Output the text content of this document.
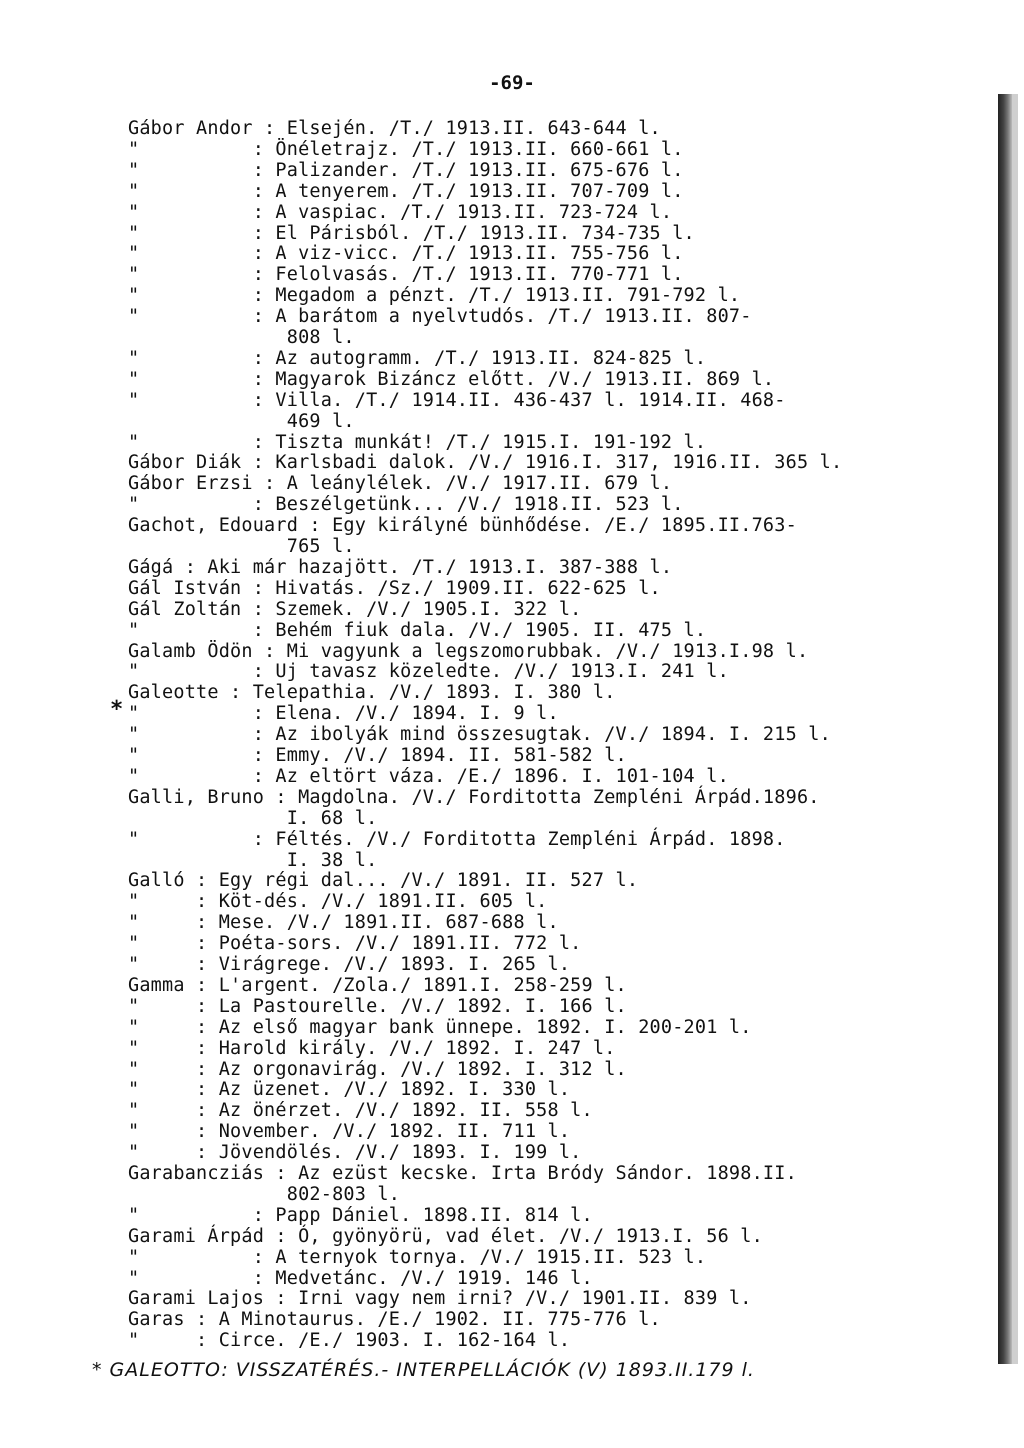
-69-
Gábor Andor : Elsején. /T./ 1913.II. 643-644 l.
"          : Önéletrajz. /T./ 1913.II. 660-661 l.
"          : Palizander. /T./ 1913.II. 675-676 l.
"          : A tenyerem. /T./ 1913.II. 707-709 l.
"          : A vaspiac. /T./ 1913.II. 723-724 l.
"          : El Párisból. /T./ 1913.II. 734-735 l.
"          : A viz-vicc. /T./ 1913.II. 755-756 l.
"          : Felolvasás. /T./ 1913.II. 770-771 l.
"          : Megadom a pénzt. /T./ 1913.II. 791-792 l.
"          : A barátom a nyelvtudós. /T./ 1913.II. 807-
808 l.
"          : Az autogramm. /T./ 1913.II. 824-825 l.
"          : Magyarok Bizáncz előtt. /V./ 1913.II. 869 l.
"          : Villa. /T./ 1914.II. 436-437 l. 1914.II. 468-
469 l.
"          : Tiszta munkát! /T./ 1915.I. 191-192 l.
Gábor Diák : Karlsbadi dalok. /V./ 1916.I. 317, 1916.II. 365 l.
Gábor Erzsi : A leánylélek. /V./ 1917.II. 679 l.
"          : Beszélgetünk... /V./ 1918.II. 523 l.
Gachot, Edouard : Egy királyné bünhődése. /E./ 1895.II.763-
765 l.
Gágá : Aki már hazajött. /T./ 1913.I. 387-388 l.
Gál István : Hivatás. /Sz./ 1909.II. 622-625 l.
Gál Zoltán : Szemek. /V./ 1905.I. 322 l.
"          : Behém fiuk dala. /V./ 1905. II. 475 l.
Galamb Ödön : Mi vagyunk a legszomorubbak. /V./ 1913.I.98 l.
"          : Uj tavasz közeledte. /V./ 1913.I. 241 l.
Galeotte : Telepathia. /V./ 1893. I. 380 l.
"          : Elena. /V./ 1894. I. 9 l.
"          : Az ibolyák mind összesugtak. /V./ 1894. I. 215 l.
"          : Emmy. /V./ 1894. II. 581-582 l.
"          : Az eltört váza. /E./ 1896. I. 101-104 l.
Galli, Bruno : Magdolna. /V./ Forditotta Zempléni Árpád.1896.
I. 68 l.
"          : Féltés. /V./ Forditotta Zempléni Árpád. 1898.
I. 38 l.
Galló : Egy régi dal... /V./ 1891. II. 527 l.
"     : Köt-dés. /V./ 1891.II. 605 l.
"     : Mese. /V./ 1891.II. 687-688 l.
"     : Poéta-sors. /V./ 1891.II. 772 l.
"     : Virágrege. /V./ 1893. I. 265 l.
Gamma : L'argent. /Zola./ 1891.I. 258-259 l.
"     : La Pastourelle. /V./ 1892. I. 166 l.
"     : Az első magyar bank ünnepe. 1892. I. 200-201 l.
"     : Harold király. /V./ 1892. I. 247 l.
"     : Az orgonavirág. /V./ 1892. I. 312 l.
"     : Az üzenet. /V./ 1892. I. 330 l.
"     : Az önérzet. /V./ 1892. II. 558 l.
"     : November. /V./ 1892. II. 711 l.
"     : Jövendölés. /V./ 1893. I. 199 l.
Garabancziás : Az ezüst kecske. Irta Bródy Sándor. 1898.II.
802-803 l.
"          : Papp Dániel. 1898.II. 814 l.
Garami Árpád : Ó, gyönyörü, vad élet. /V./ 1913.I. 56 l.
"          : A ternyok tornya. /V./ 1915.II. 523 l.
"          : Medvetánc. /V./ 1919. 146 l.
Garami Lajos : Irni vagy nem irni? /V./ 1901.II. 839 l.
Garas : A Minotaurus. /E./ 1902. II. 775-776 l.
"     : Circe. /E./ 1903. I. 162-164 l.
*
* GALEOTTO: VISSZATÉRÉS.- INTERPELLÁCIÓK (V) 1893.II.179 l.
